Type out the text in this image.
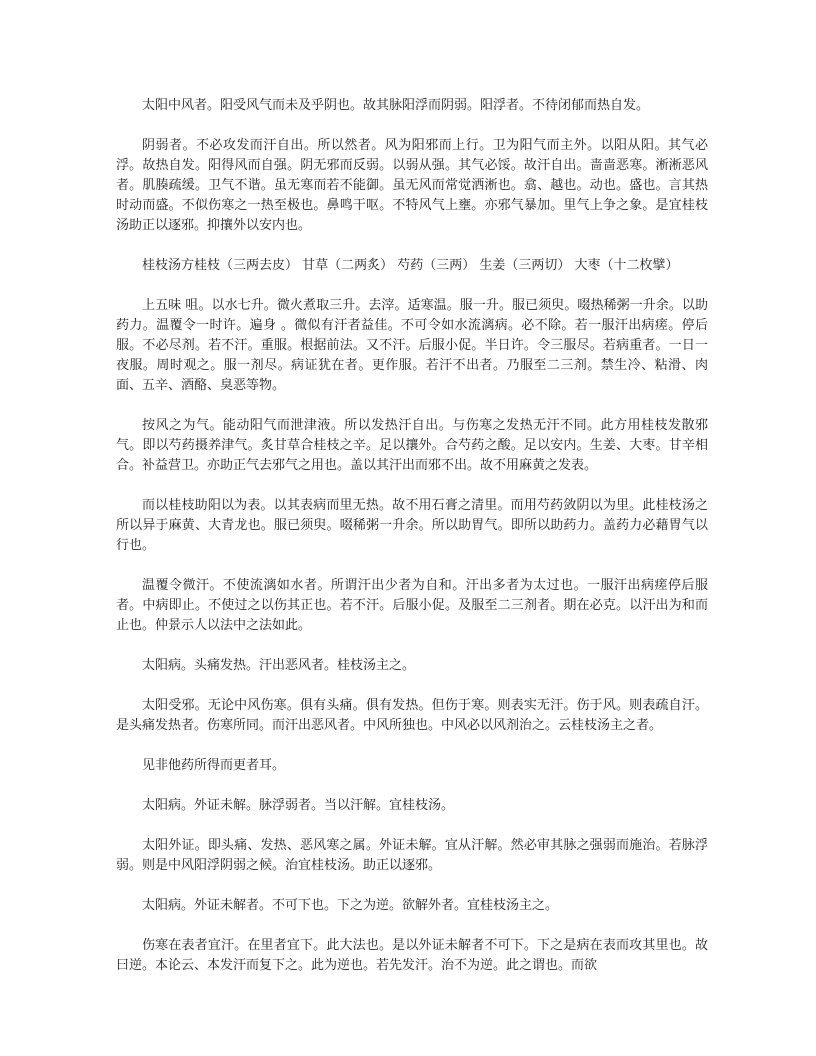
太阳中风者。阳受风气而未及乎阴也。故其脉阳浮而阴弱。阳浮者。不待闭郁而热自发。

阴弱者。不必攻发而汗自出。所以然者。风为阳邪而上行。卫为阳气而主外。以阳从阳。其气必浮。故热自发。阳得风而自强。阴无邪而反弱。以弱从强。其气必馁。故汗自出。啬啬恶寒。淅淅恶风者。肌腠疏缓。卫气不谐。虽无寒而若不能御。虽无风而常觉洒淅也。翕、越也。动也。盛也。言其热时动而盛。不似伤寒之一热至极也。鼻鸣干呕。不特风气上壅。亦邪气暴加。里气上争之象。是宜桂枝汤助正以逐邪。抑攘外以安内也。

桂枝汤方桂枝（三两去皮） 甘草（二两炙） 芍药（三两） 生姜（三两切） 大枣（十二枚擘）

上五味 咀。以水七升。微火煮取三升。去滓。适寒温。服一升。服已须臾。啜热稀粥一升余。以助药力。温覆令一时许。遍身 。微似有汗者益佳。不可令如水流漓病。必不除。若一服汗出病瘥。停后服。不必尽剂。若不汗。重服。根据前法。又不汗。后服小促。半日许。令三服尽。若病重者。一日一夜服。周时观之。服一剂尽。病证犹在者。更作服。若汗不出者。乃服至二三剂。禁生冷、粘滑、肉面、五辛、酒酪、臭恶等物。

按风之为气。能动阳气而泄津液。所以发热汗自出。与伤寒之发热无汗不同。此方用桂枝发散邪气。即以芍药摄养津气。炙甘草合桂枝之辛。足以攘外。合芍药之酸。足以安内。生姜、大枣。甘辛相合。补益营卫。亦助正气去邪气之用也。盖以其汗出而邪不出。故不用麻黄之发表。

而以桂枝助阳以为表。以其表病而里无热。故不用石膏之清里。而用芍药敛阴以为里。此桂枝汤之所以异于麻黄、大青龙也。服已须臾。啜稀粥一升余。所以助胃气。即所以助药力。盖药力必藉胃气以行也。

温覆令微汗。不使流漓如水者。所谓汗出少者为自和。汗出多者为太过也。一服汗出病瘥停后服者。中病即止。不使过之以伤其正也。若不汗。后服小促。及服至二三剂者。期在必克。以汗出为和而止也。仲景示人以法中之法如此。

太阳病。头痛发热。汗出恶风者。桂枝汤主之。

太阳受邪。无论中风伤寒。俱有头痛。俱有发热。但伤于寒。则表实无汗。伤于风。则表疏自汗。是头痛发热者。伤寒所同。而汗出恶风者。中风所独也。中风必以风剂治之。云桂枝汤主之者。

见非他药所得而更者耳。

太阳病。外证未解。脉浮弱者。当以汗解。宜桂枝汤。

太阳外证。即头痛、发热、恶风寒之属。外证未解。宜从汗解。然必审其脉之强弱而施治。若脉浮弱。则是中风阳浮阴弱之候。治宜桂枝汤。助正以逐邪。

太阳病。外证未解者。不可下也。下之为逆。欲解外者。宜桂枝汤主之。

伤寒在表者宜汗。在里者宜下。此大法也。是以外证未解者不可下。下之是病在表而攻其里也。故曰逆。本论云、本发汗而复下之。此为逆也。若先发汗。治不为逆。此之谓也。而欲
